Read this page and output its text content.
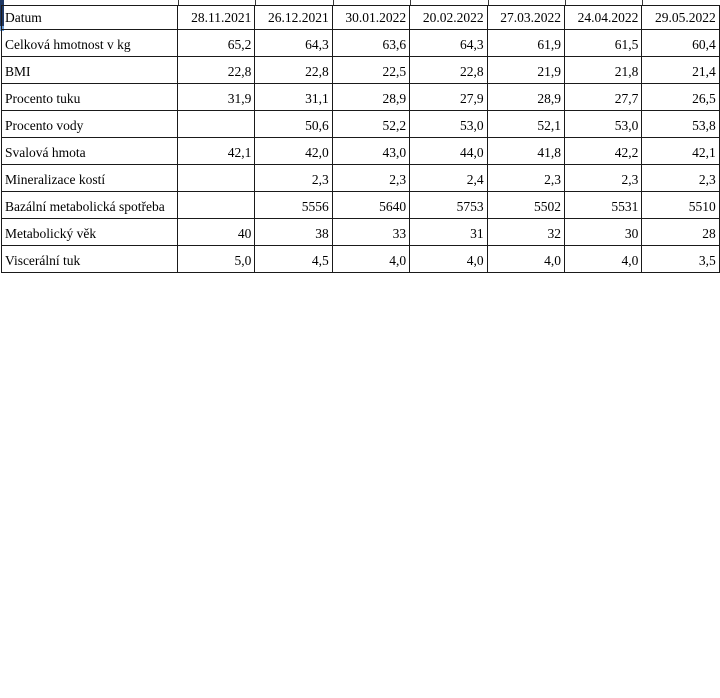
Datum	28.11.2021	26.12.2021	30.01.2022	20.02.2022	27.03.2022	24.04.2022	29.05.2022
Celková hmotnost v kg	65,2	64,3	63,6	64,3	61,9	61,5	60,4
BMI	22,8	22,8	22,5	22,8	21,9	21,8	21,4
Procento tuku	31,9	31,1	28,9	27,9	28,9	27,7	26,5
Procento vody		50,6	52,2	53,0	52,1	53,0	53,8
Svalová hmota	42,1	42,0	43,0	44,0	41,8	42,2	42,1
Mineralizace kostí		2,3	2,3	2,4	2,3	2,3	2,3
Bazální metabolická spotřeba		5556	5640	5753	5502	5531	5510
Metabolický věk	40	38	33	31	32	30	28
Viscerální tuk	5,0	4,5	4,0	4,0	4,0	4,0	3,5
